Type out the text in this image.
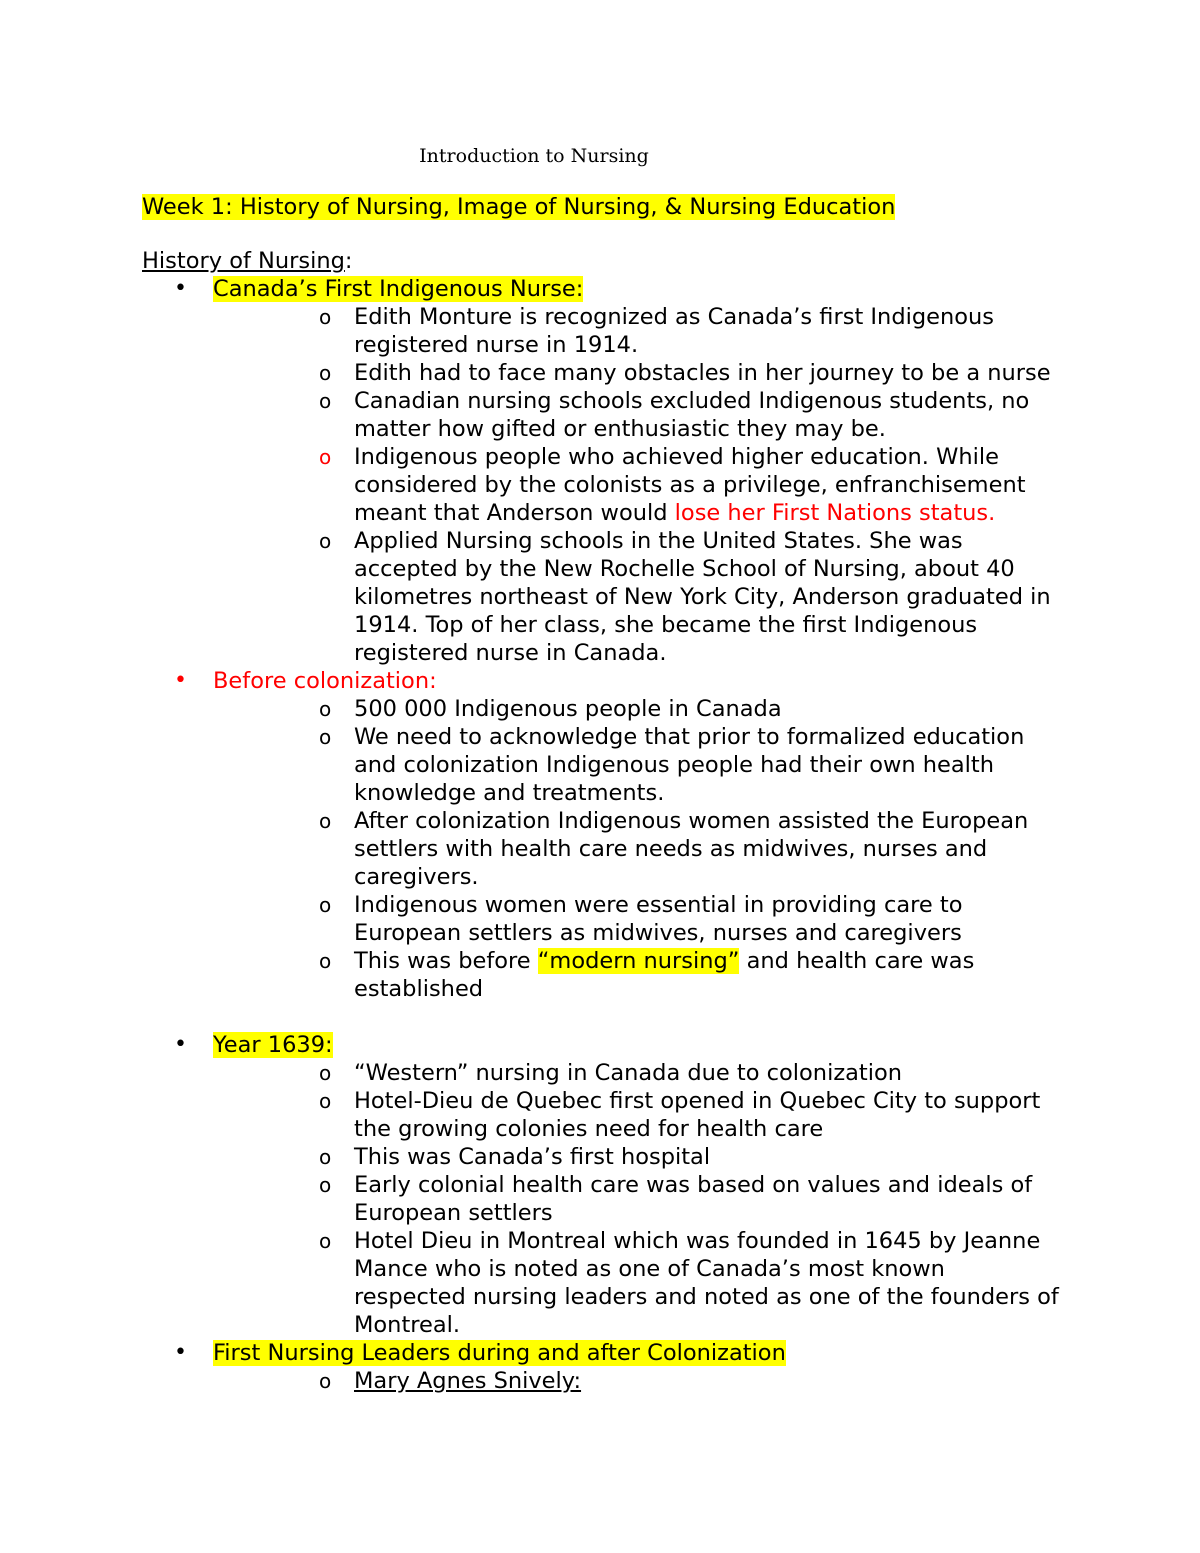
Introduction to Nursing
Week 1: History of Nursing, Image of Nursing, & Nursing Education
History of Nursing:
• Canada’s First Indigenous Nurse:
o Edith Monture is recognized as Canada’s first Indigenous registered nurse in 1914.
o Edith had to face many obstacles in her journey to be a nurse
o Canadian nursing schools excluded Indigenous students, no matter how gifted or enthusiastic they may be.
o Indigenous people who achieved higher education. While considered by the colonists as a privilege, enfranchisement meant that Anderson would lose her First Nations status.
o Applied Nursing schools in the United States. She was accepted by the New Rochelle School of Nursing, about 40 kilometres northeast of New York City, Anderson graduated in 1914. Top of her class, she became the first Indigenous registered nurse in Canada.
• Before colonization:
o 500 000 Indigenous people in Canada
o We need to acknowledge that prior to formalized education and colonization Indigenous people had their own health knowledge and treatments.
o After colonization Indigenous women assisted the European settlers with health care needs as midwives, nurses and caregivers.
o Indigenous women were essential in providing care to European settlers as midwives, nurses and caregivers
o This was before “modern nursing” and health care was established
• Year 1639:
o “Western” nursing in Canada due to colonization
o Hotel-Dieu de Quebec first opened in Quebec City to support the growing colonies need for health care
o This was Canada’s first hospital
o Early colonial health care was based on values and ideals of European settlers
o Hotel Dieu in Montreal which was founded in 1645 by Jeanne Mance who is noted as one of Canada’s most known respected nursing leaders and noted as one of the founders of Montreal.
• First Nursing Leaders during and after Colonization
o Mary Agnes Snively:
